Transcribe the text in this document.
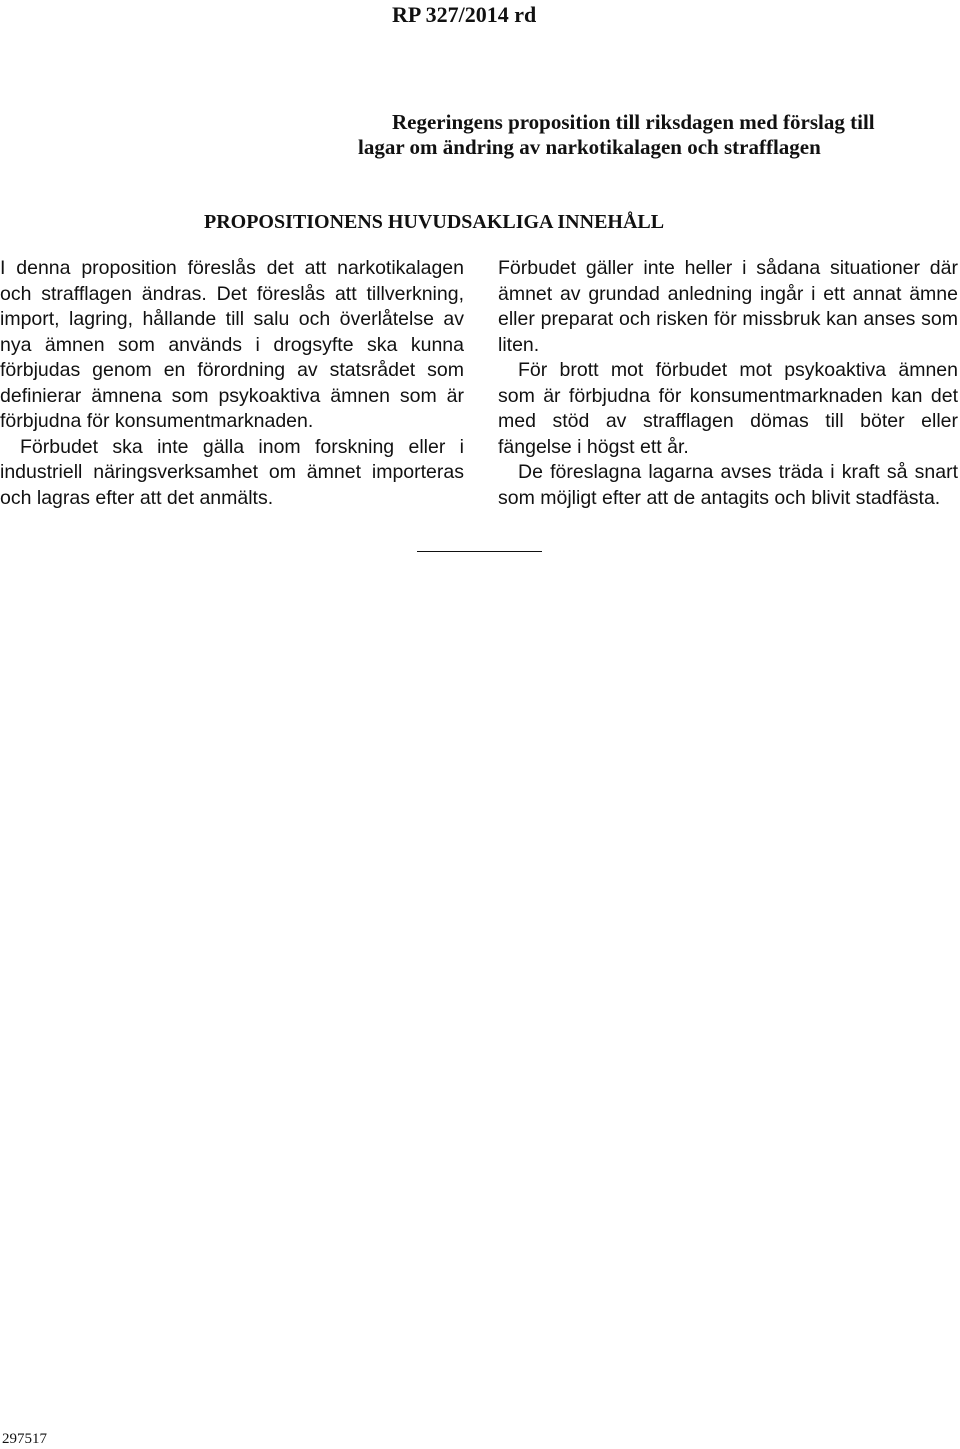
RP 327/2014 rd
Regeringens proposition till riksdagen med förslag till
lagar om ändring av narkotikalagen och strafflagen
PROPOSITIONENS HUVUDSAKLIGA INNEHÅLL

I denna proposition föreslås det att narkotikalagen och strafflagen ändras. Det föreslås att tillverkning, import, lagring, hållande till salu och överlåtelse av nya ämnen som används i drogsyfte ska kunna förbjudas genom en förordning av statsrådet som definierar ämnena som psykoaktiva ämnen som är förbjudna för konsumentmarknaden.

Förbudet ska inte gälla inom forskning eller i industriell näringsverksamhet om ämnet importeras och lagras efter att det anmälts.

Förbudet gäller inte heller i sådana situationer där ämnet av grundad anledning ingår i ett annat ämne eller preparat och risken för missbruk kan anses som liten.

För brott mot förbudet mot psykoaktiva ämnen som är förbjudna för konsumentmarknaden kan det med stöd av strafflagen dömas till böter eller fängelse i högst ett år.

De föreslagna lagarna avses träda i kraft så snart som möjligt efter att de antagits och blivit stadfästa.

297517
